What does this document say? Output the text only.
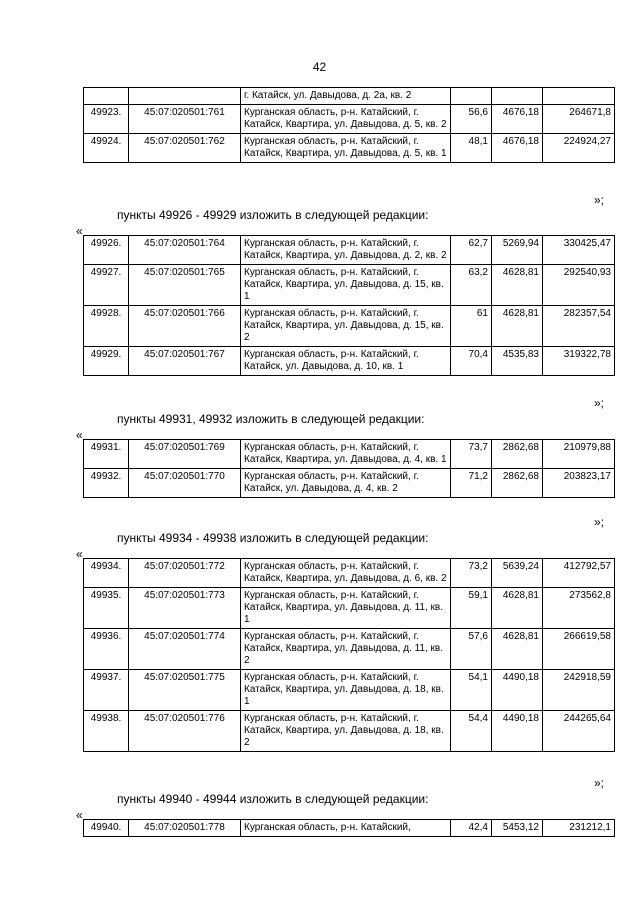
42
		г. Катайск, ул. Давыдова, д. 2а, кв. 2			
49923.	45:07:020501:761	Курганская область, р-н. Катайский, г. Катайск, Квартира, ул. Давыдова, д. 5, кв. 2	56,6	4676,18	264671,8
49924.	45:07:020501:762	Курганская область, р-н. Катайский, г. Катайск, Квартира, ул. Давыдова, д. 5, кв. 1	48,1	4676,18	224924,27
»;
пункты 49926 - 49929 изложить в следующей редакции:
«
49926.	45:07:020501:764	Курганская область, р-н. Катайский, г. Катайск, Квартира, ул. Давыдова, д. 2, кв. 2	62,7	5269,94	330425,47
49927.	45:07:020501:765	Курганская область, р-н. Катайский, г. Катайск, Квартира, ул. Давыдова, д. 15, кв. 1	63,2	4628,81	292540,93
49928.	45:07:020501:766	Курганская область, р-н. Катайский, г. Катайск, Квартира, ул. Давыдова, д. 15, кв. 2	61	4628,81	282357,54
49929.	45:07:020501:767	Курганская область, р-н. Катайский, г. Катайск, ул. Давыдова, д. 10, кв. 1	70,4	4535,83	319322,78
»;
пункты 49931, 49932 изложить в следующей редакции:
«
49931.	45:07:020501:769	Курганская область, р-н. Катайский, г. Катайск, Квартира, ул. Давыдова, д. 4, кв. 1	73,7	2862,68	210979,88
49932.	45:07:020501:770	Курганская область, р-н. Катайский, г. Катайск, ул. Давыдова, д. 4, кв. 2	71,2	2862,68	203823,17
»;
пункты 49934 - 49938 изложить в следующей редакции:
«
49934.	45:07:020501:772	Курганская область, р-н. Катайский, г. Катайск, Квартира, ул. Давыдова, д. 6, кв. 2	73,2	5639,24	412792,57
49935.	45:07:020501:773	Курганская область, р-н. Катайский, г. Катайск, Квартира, ул. Давыдова, д. 11, кв. 1	59,1	4628,81	273562,8
49936.	45:07:020501:774	Курганская область, р-н. Катайский, г. Катайск, Квартира, ул. Давыдова, д. 11, кв. 2	57,6	4628,81	266619,58
49937.	45:07:020501:775	Курганская область, р-н. Катайский, г. Катайск, Квартира, ул. Давыдова, д. 18, кв. 1	54,1	4490,18	242918,59
49938.	45:07:020501:776	Курганская область, р-н. Катайский, г. Катайск, Квартира, ул. Давыдова, д. 18, кв. 2	54,4	4490,18	244265,64
»;
пункты 49940 - 49944 изложить в следующей редакции:
«
49940.	45:07:020501:778	Курганская область, р-н. Катайский,	42,4	5453,12	231212,1
